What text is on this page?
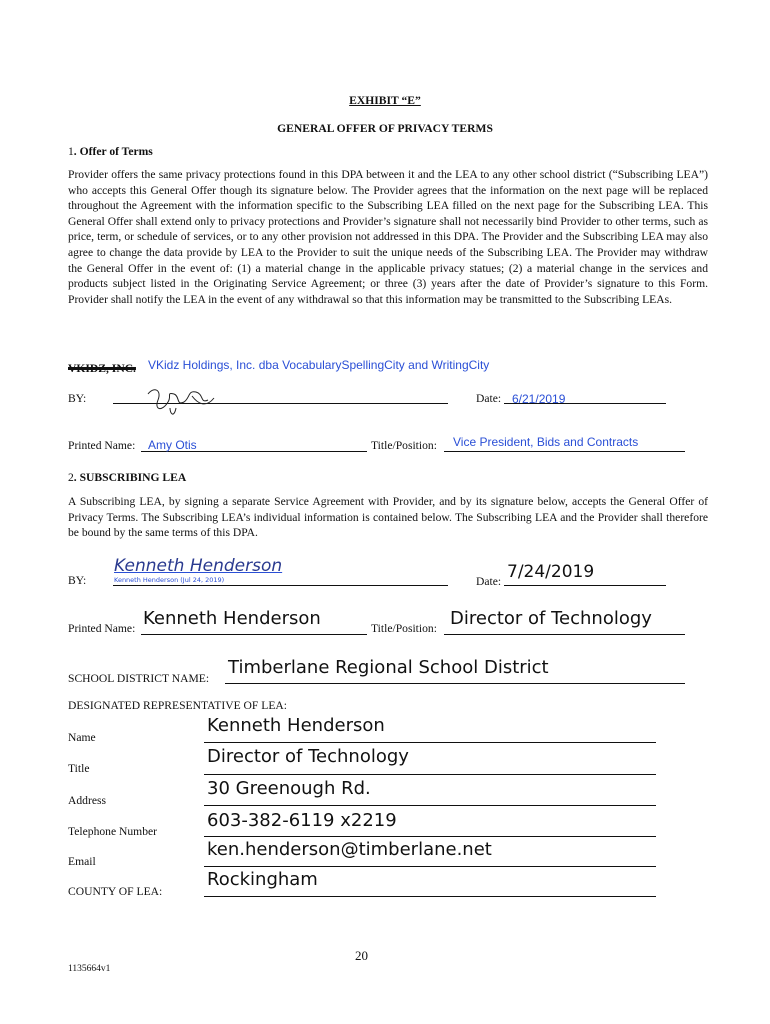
EXHIBIT “E”
GENERAL OFFER OF PRIVACY TERMS
1. Offer of Terms
Provider offers the same privacy protections found in this DPA between it and the LEA to any other school district (“Subscribing LEA”) who accepts this General Offer though its signature below. The Provider agrees that the information on the next page will be replaced throughout the Agreement with the information specific to the Subscribing LEA filled on the next page for the Subscribing LEA. This General Offer shall extend only to privacy protections and Provider’s signature shall not necessarily bind Provider to other terms, such as price, term, or schedule of services, or to any other provision not addressed in this DPA. The Provider and the Subscribing LEA may also agree to change the data provide by LEA to the Provider to suit the unique needs of the Subscribing LEA. The Provider may withdraw the General Offer in the event of: (1) a material change in the applicable privacy statues; (2) a material change in the services and products subject listed in the Originating Service Agreement; or three (3) years after the date of Provider’s signature to this Form. Provider shall notify the LEA in the event of any withdrawal so that this information may be transmitted to the Subscribing LEAs.
VKIDZ, INC. VKidz Holdings, Inc. dba VocabularySpellingCity and WritingCity
BY:	Date: 6/21/2019
Printed Name: Amy Otis	Title/Position: Vice President, Bids and Contracts
2. SUBSCRIBING LEA
A Subscribing LEA, by signing a separate Service Agreement with Provider, and by its signature below, accepts the General Offer of Privacy Terms. The Subscribing LEA’s individual information is contained below. The Subscribing LEA and the Provider shall therefore be bound by the same terms of this DPA.
BY:
Kenneth Henderson
Kenneth Henderson (Jul 24, 2019)	Date: 7/24/2019
Printed Name: Kenneth Henderson	Title/Position: Director of Technology
SCHOOL DISTRICT NAME:
Timberlane Regional School District
DESIGNATED REPRESENTATIVE OF LEA:
Name
Kenneth Henderson
Title
Director of Technology
Address
30 Greenough Rd.
Telephone Number
603-382-6119 x2219
Email
ken.henderson@timberlane.net
COUNTY OF LEA:
Rockingham
20
1135664v1
